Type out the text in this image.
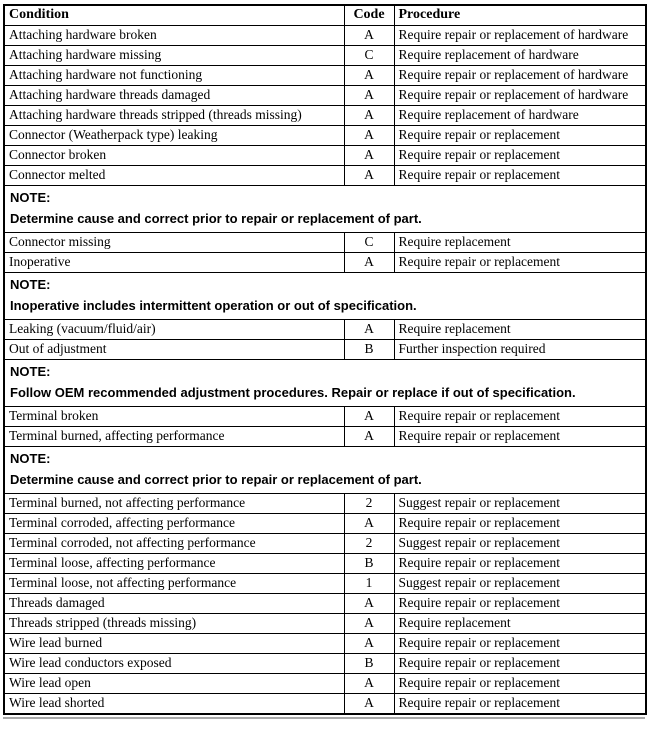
Condition	Code	Procedure
Attaching hardware broken	A	Require repair or replacement of hardware
Attaching hardware missing	C	Require replacement of hardware
Attaching hardware not functioning	A	Require repair or replacement of hardware
Attaching hardware threads damaged	A	Require repair or replacement of hardware
Attaching hardware threads stripped (threads missing)	A	Require replacement of hardware
Connector (Weatherpack type) leaking	A	Require repair or replacement
Connector broken	A	Require repair or replacement
Connector melted	A	Require repair or replacement

NOTE:
Determine cause and correct prior to repair or replacement of part.		

Connector missing	C	Require replacement
Inoperative	A	Require repair or replacement

NOTE:
Inoperative includes intermittent operation or out of specification.		

Leaking (vacuum/fluid/air)	A	Require replacement
Out of adjustment	B	Further inspection required

NOTE:
Follow OEM recommended adjustment procedures. Repair or replace if out of specification.		

Terminal broken	A	Require repair or replacement
Terminal burned, affecting performance	A	Require repair or replacement

NOTE:
Determine cause and correct prior to repair or replacement of part.		

Terminal burned, not affecting performance	2	Suggest repair or replacement
Terminal corroded, affecting performance	A	Require repair or replacement
Terminal corroded, not affecting performance	2	Suggest repair or replacement
Terminal loose, affecting performance	B	Require repair or replacement
Terminal loose, not affecting performance	1	Suggest repair or replacement
Threads damaged	A	Require repair or replacement
Threads stripped (threads missing)	A	Require replacement
Wire lead burned	A	Require repair or replacement
Wire lead conductors exposed	B	Require repair or replacement
Wire lead open	A	Require repair or replacement
Wire lead shorted	A	Require repair or replacement
